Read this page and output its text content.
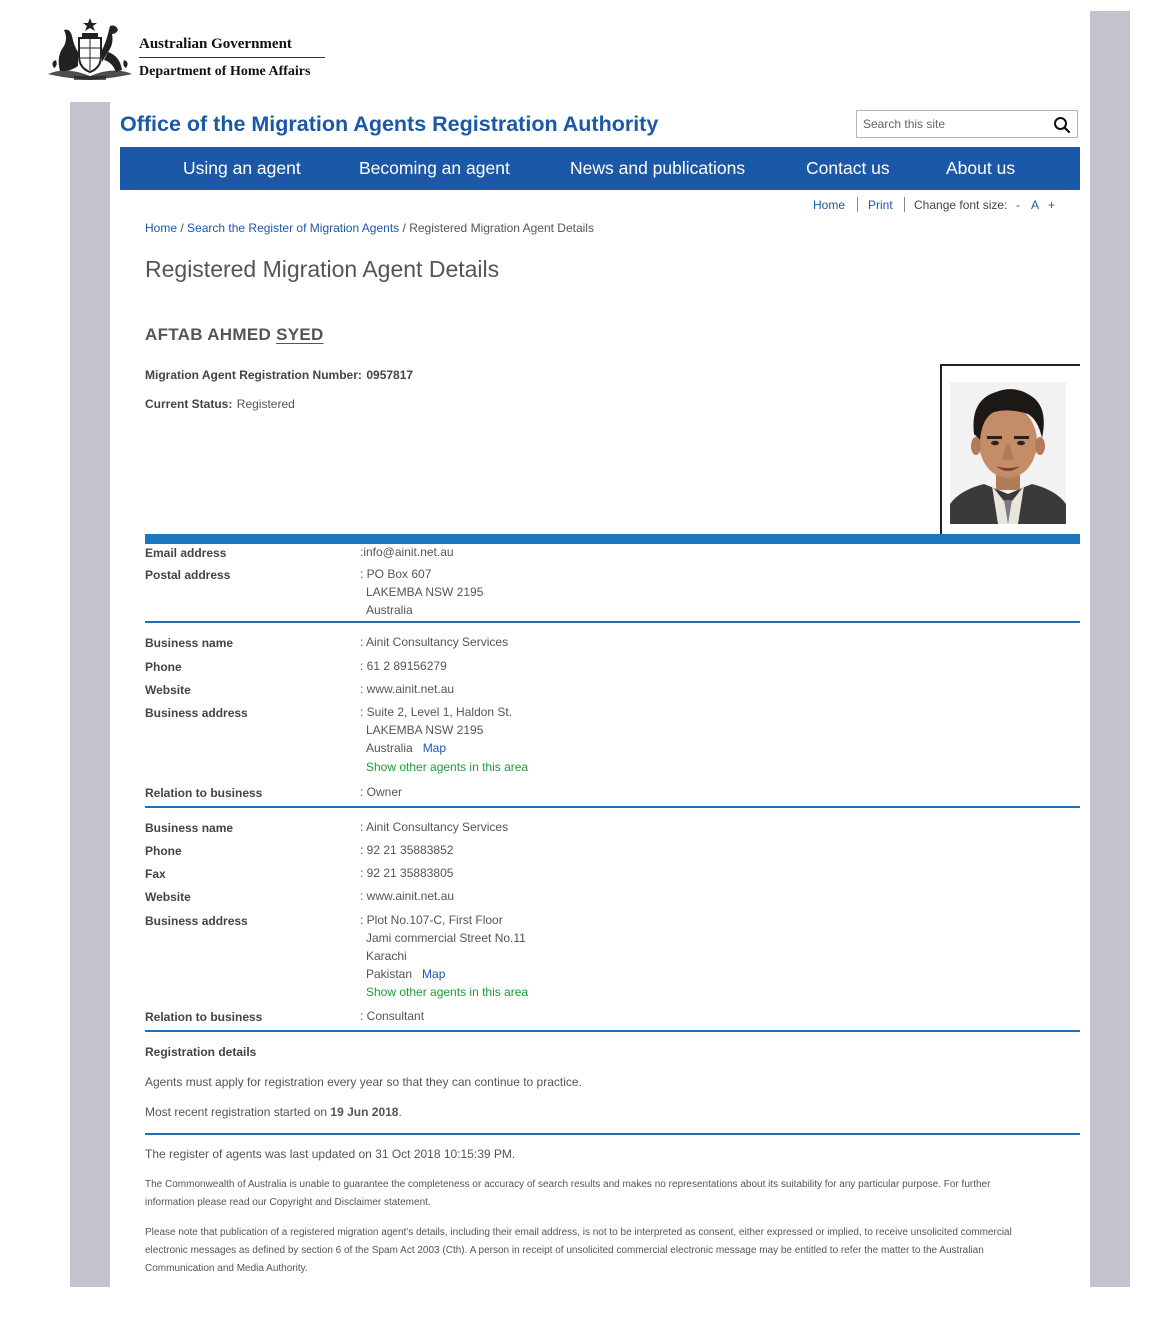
Australian Government
Department of Home Affairs
Office of the Migration Agents Registration Authority
Search this site
Using an agent	Becoming an agent	News and publications	Contact us	About us
Home Print Change font size: - A +
Home / Search the Register of Migration Agents / Registered Migration Agent Details
Registered Migration Agent Details
AFTAB AHMED SYED
Migration Agent Registration Number: 0957817
Current Status: Registered
Email address	:info@ainit.net.au
Postal address	: PO Box 607
LAKEMBA NSW 2195
Australia
Business name	: Ainit Consultancy Services
Phone	: 61 2 89156279
Website	: www.ainit.net.au
Business address	: Suite 2, Level 1, Haldon St.
LAKEMBA NSW 2195
Australia Map
Show other agents in this area
Relation to business	: Owner
Business name	: Ainit Consultancy Services
Phone	: 92 21 35883852
Fax	: 92 21 35883805
Website	: www.ainit.net.au
Business address	: Plot No.107-C, First Floor
Jami commercial Street No.11
Karachi
Pakistan Map
Show other agents in this area
Relation to business	: Consultant
Registration details
Agents must apply for registration every year so that they can continue to practice.
Most recent registration started on 19 Jun 2018.
The register of agents was last updated on 31 Oct 2018 10:15:39 PM.
The Commonwealth of Australia is unable to guarantee the completeness or accuracy of search results and makes no representations about its suitability for any particular purpose. For further
information please read our Copyright and Disclaimer statement.
Please note that publication of a registered migration agent's details, including their email address, is not to be interpreted as consent, either expressed or implied, to receive unsolicited commercial
electronic messages as defined by section 6 of the Spam Act 2003 (Cth). A person in receipt of unsolicited commercial electronic message may be entitled to refer the matter to the Australian
Communication and Media Authority.
